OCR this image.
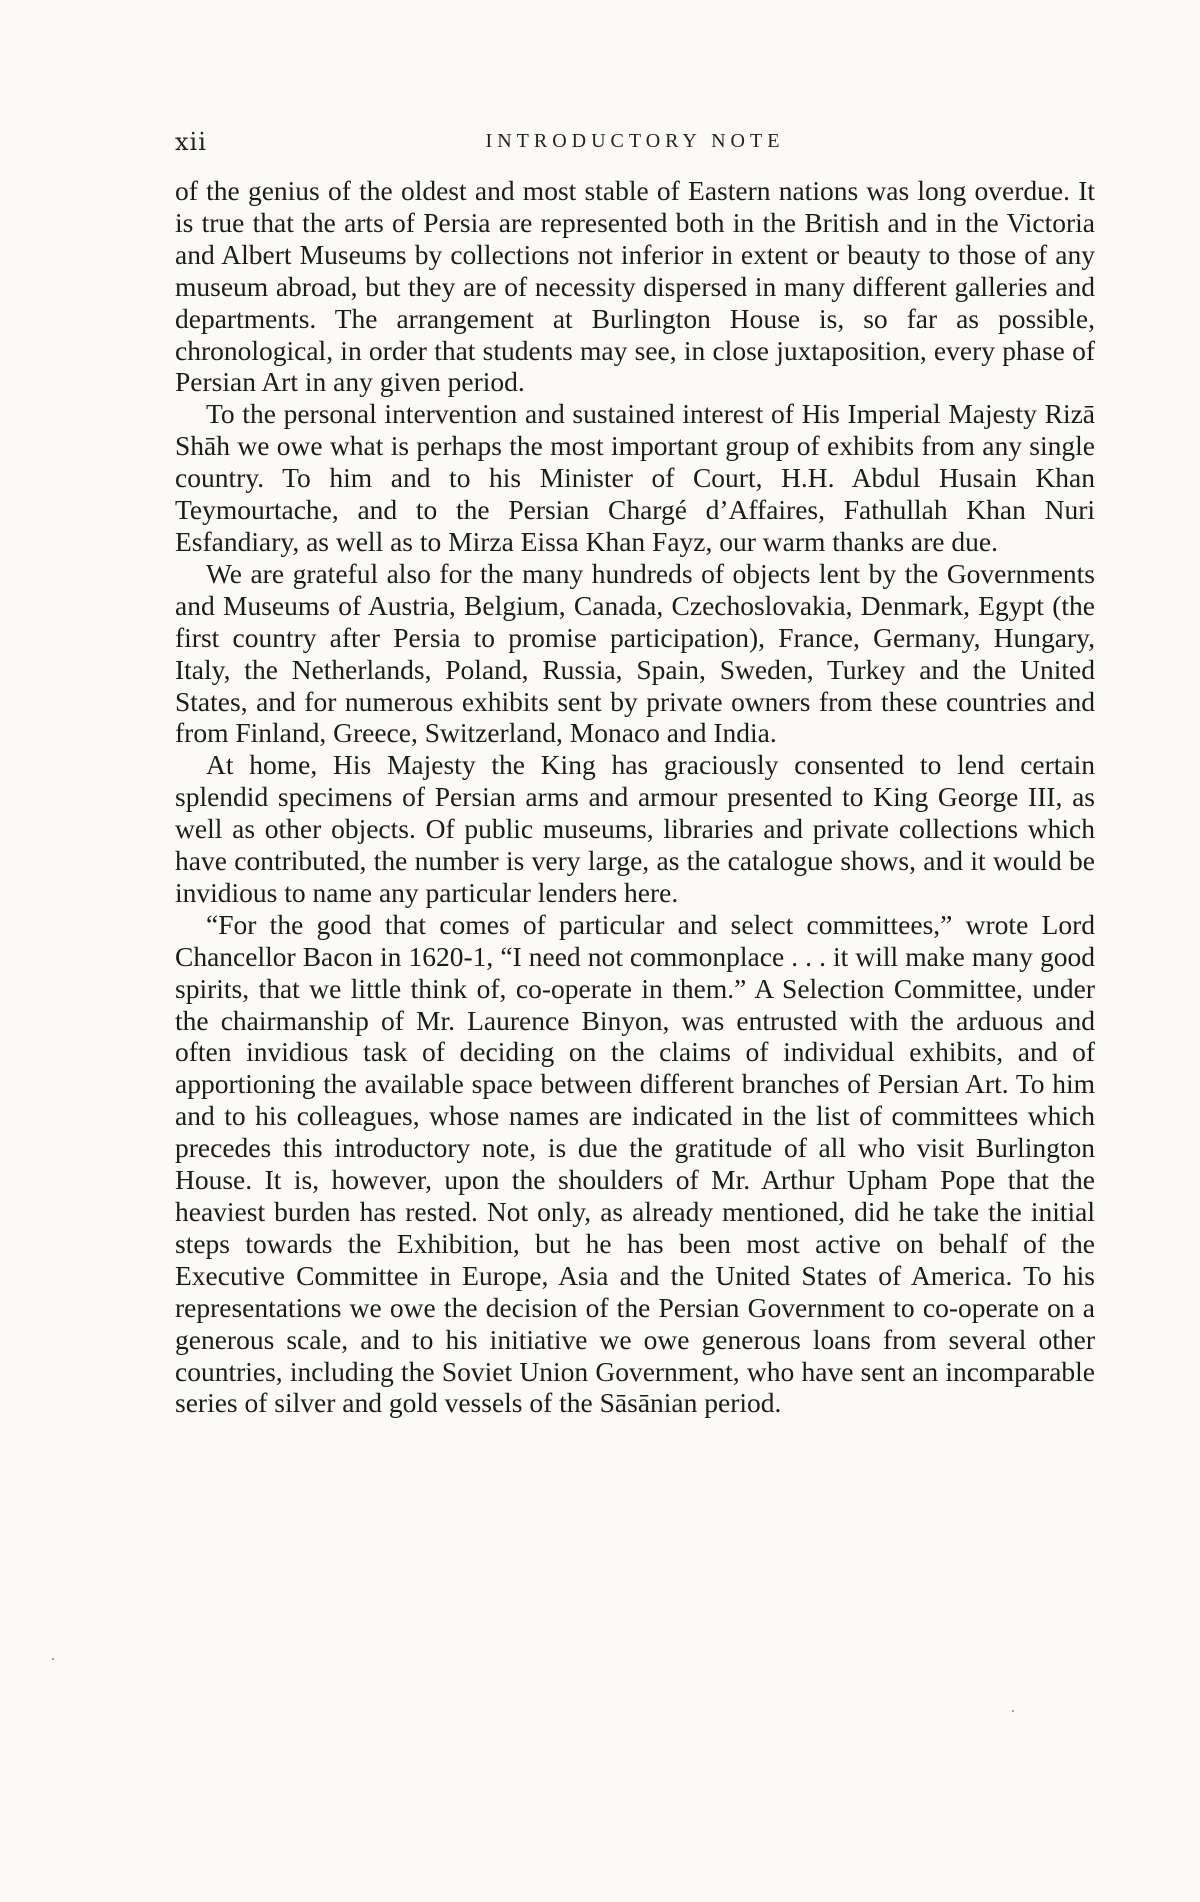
xii	INTRODUCTORY NOTE

of the genius of the oldest and most stable of Eastern nations was long overdue. It is true that the arts of Persia are represented both in the British and in the Victoria and Albert Museums by collections not inferior in extent or beauty to those of any museum abroad, but they are of necessity dispersed in many different galleries and departments. The arrangement at Burlington House is, so far as possible, chronological, in order that students may see, in close juxtaposition, every phase of Persian Art in any given period.

To the personal intervention and sustained interest of His Imperial Majesty Rizā Shāh we owe what is perhaps the most important group of exhibits from any single country. To him and to his Minister of Court, H.H. Abdul Husain Khan Teymourtache, and to the Persian Chargé d’Affaires, Fathullah Khan Nuri Esfandiary, as well as to Mirza Eissa Khan Fayz, our warm thanks are due.

We are grateful also for the many hundreds of objects lent by the Governments and Museums of Austria, Belgium, Canada, Czechoslovakia, Denmark, Egypt (the first country after Persia to promise participation), France, Germany, Hungary, Italy, the Netherlands, Poland, Russia, Spain, Sweden, Turkey and the United States, and for numerous exhibits sent by private owners from these countries and from Finland, Greece, Switzerland, Monaco and India.

At home, His Majesty the King has graciously consented to lend certain splendid specimens of Persian arms and armour presented to King George III, as well as other objects. Of public museums, libraries and private collections which have contributed, the number is very large, as the catalogue shows, and it would be invidious to name any particular lenders here.

“For the good that comes of particular and select committees,” wrote Lord Chancellor Bacon in 1620-1, “I need not commonplace . . . it will make many good spirits, that we little think of, co-operate in them.” A Selection Committee, under the chairmanship of Mr. Laurence Binyon, was entrusted with the arduous and often invidious task of deciding on the claims of individual exhibits, and of apportioning the available space between different branches of Persian Art. To him and to his colleagues, whose names are indicated in the list of committees which precedes this introductory note, is due the gratitude of all who visit Burlington House. It is, however, upon the shoulders of Mr. Arthur Upham Pope that the heaviest burden has rested. Not only, as already mentioned, did he take the initial steps towards the Exhibition, but he has been most active on behalf of the Executive Committee in Europe, Asia and the United States of America. To his representations we owe the decision of the Persian Government to co-operate on a generous scale, and to his initiative we owe generous loans from several other countries, including the Soviet Union Government, who have sent an incomparable series of silver and gold vessels of the Sāsānian period.
